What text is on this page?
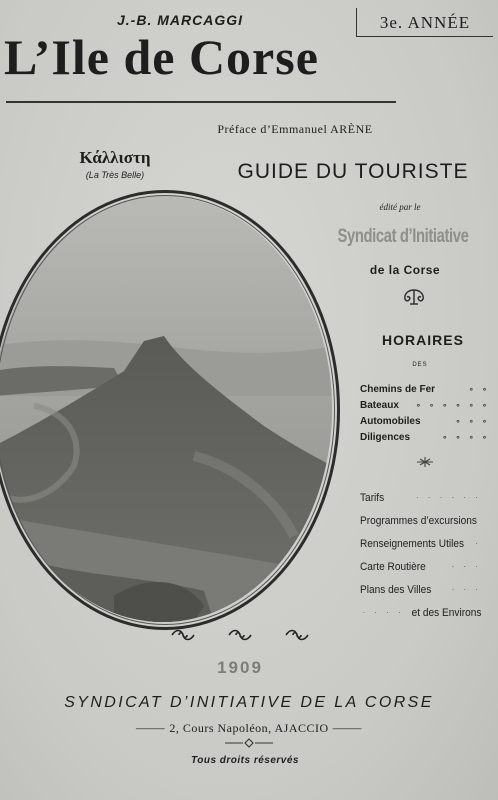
J.-B. MARCAGGI	3e. ANNÉE
L’Ile de Corse
Préface d’Emmanuel ARÈNE
Κάλλιστη
(La Très Belle)	GUIDE DU TOURISTE
édité par le
Syndicat d’Initiative
de la Corse
HORAIRES
DES
Chemins de Fer	∘ ∘
Bateaux ∘ ∘ ∘ ∘ ∘ ∘
Automobiles	∘ ∘ ∘
Diligences	∘ ∘ ∘ ∘
Tarifs	· · · · · ·
Programmes d’excursions
Renseignements Utiles ·
Carte Routière	· · ·
Plans des Villes	· · ·
· · · · et des Environs
1909
SYNDICAT D’INITIATIVE DE LA CORSE
⸻ 2, Cours Napoléon, AJACCIO ⸻
Tous droits réservés
